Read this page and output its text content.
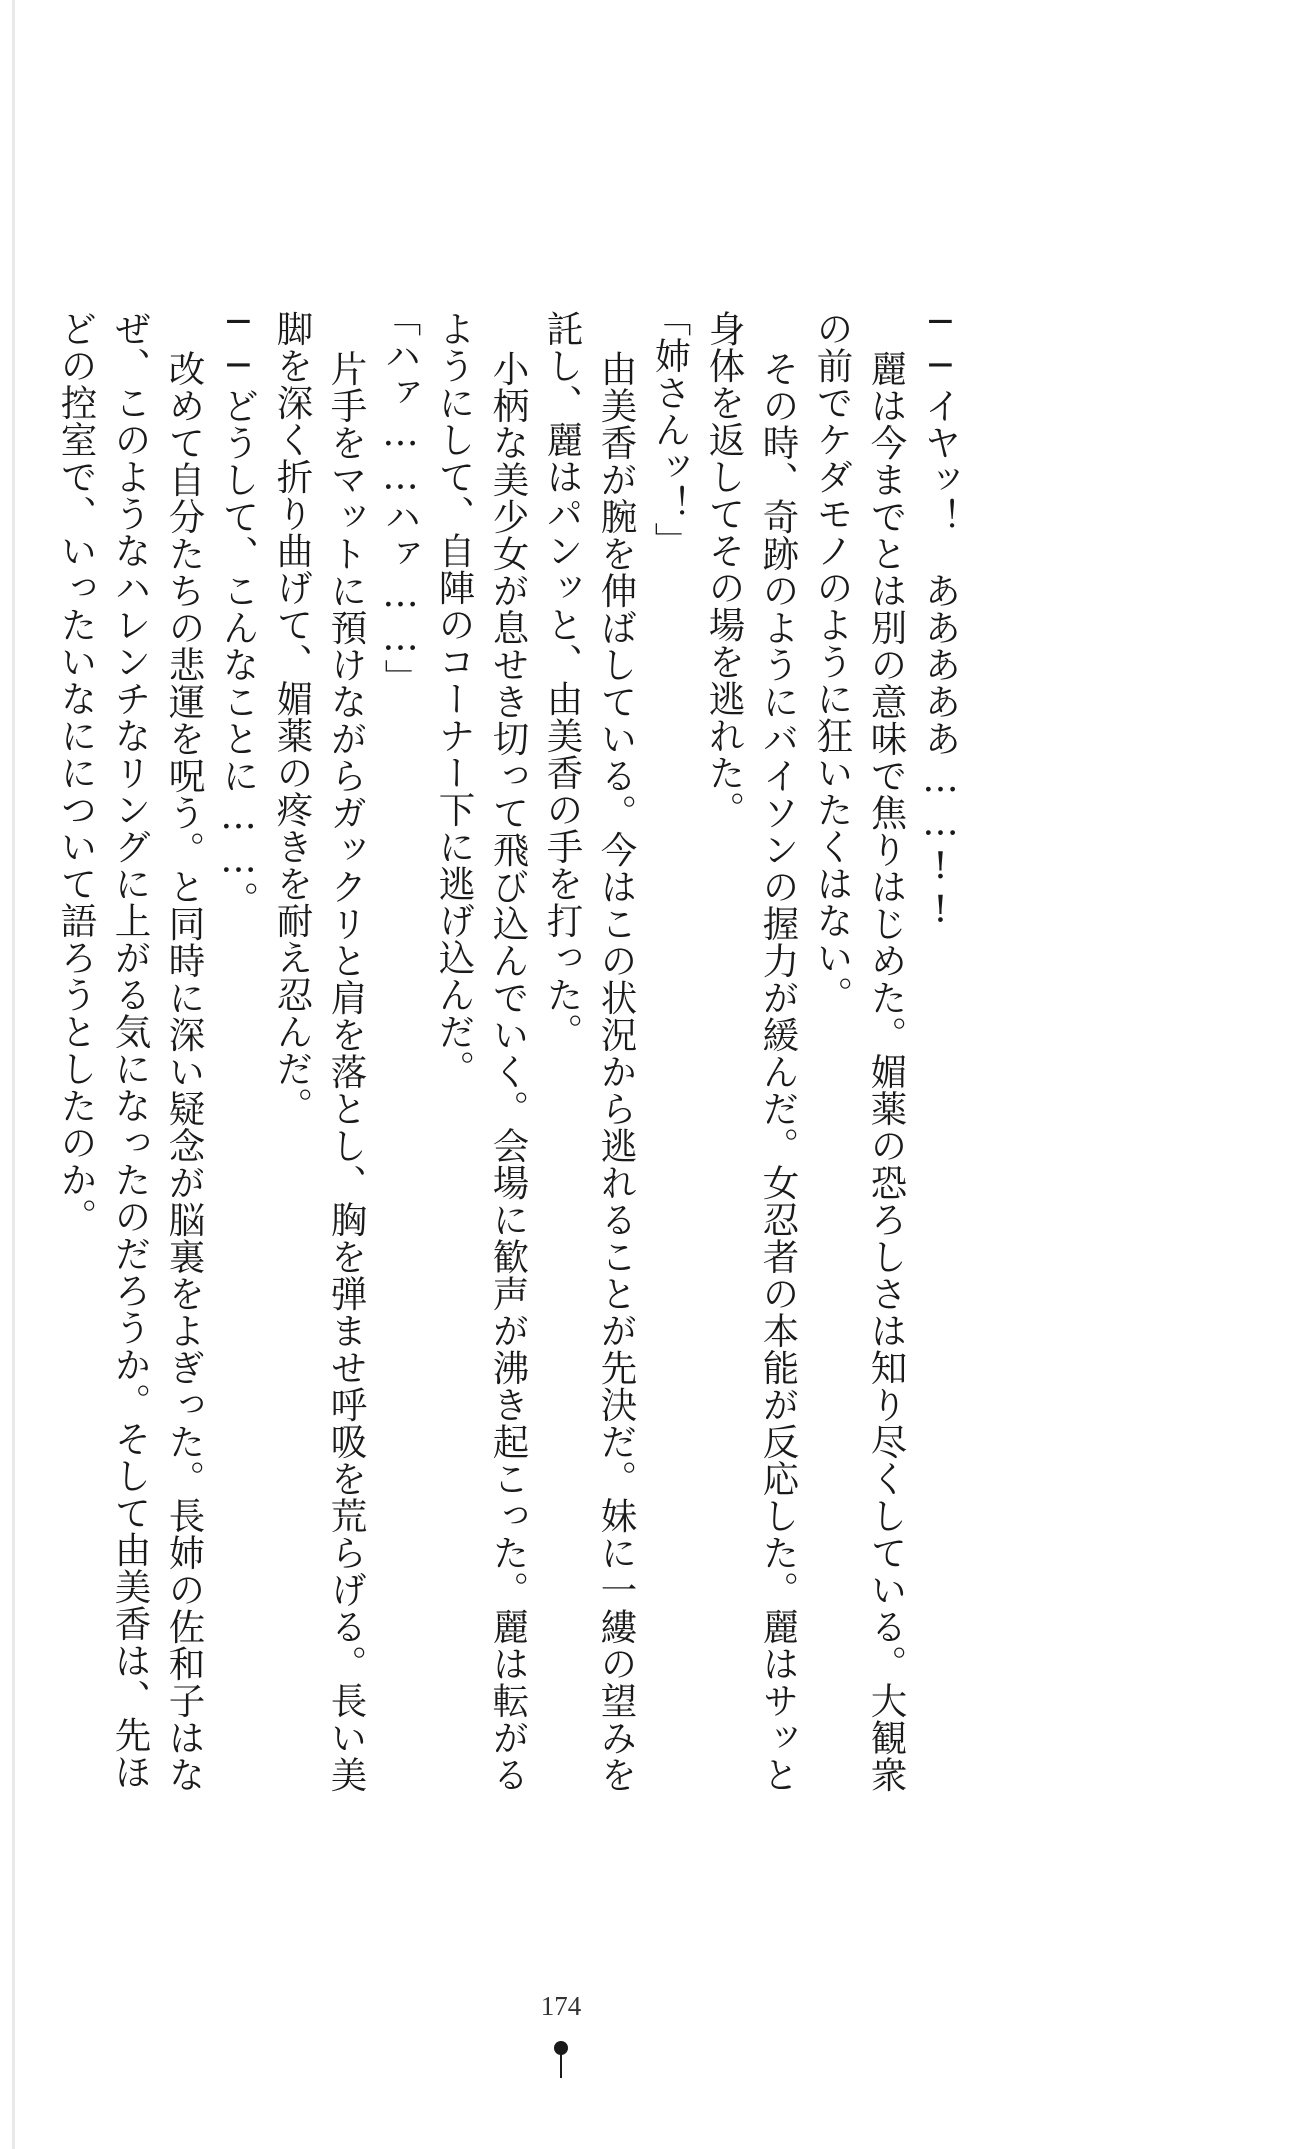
──イヤッ！　あああああ……!!
麗は今までとは別の意味で焦りはじめた。媚薬の恐ろしさは知り尽くしている。大観衆
の前でケダモノのように狂いたくはない。
その時、奇跡のようにバイソンの握力が緩んだ。女忍者の本能が反応した。麗はサッと
身体を返してその場を逃れた。
「姉さんッ！」
由美香が腕を伸ばしている。今はこの状況から逃れることが先決だ。妹に一縷の望みを
託し、麗はパンッと、由美香の手を打った。
小柄な美少女が息せき切って飛び込んでいく。会場に歓声が沸き起こった。麗は転がる
ようにして、自陣のコーナー下に逃げ込んだ。
「ハァ……ハァ……」
片手をマットに預けながらガックリと肩を落とし、胸を弾ませ呼吸を荒らげる。長い美
脚を深く折り曲げて、媚薬の疼きを耐え忍んだ。
──どうして、こんなことに……。
改めて自分たちの悲運を呪う。と同時に深い疑念が脳裏をよぎった。長姉の佐和子はな
ぜ、このようなハレンチなリングに上がる気になったのだろうか。そして由美香は、先ほ
どの控室で、いったいなにについて語ろうとしたのか。
174
